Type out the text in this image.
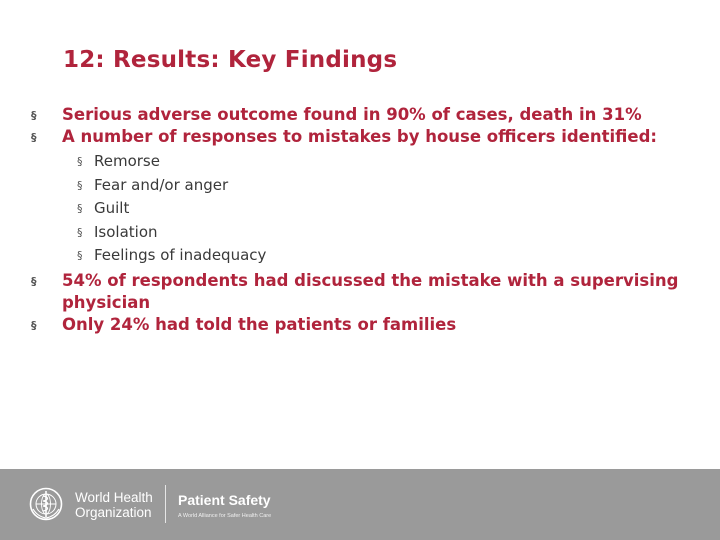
12: Results: Key Findings
§ Serious adverse outcome found in 90% of cases, death in 31%
§ A number of responses to mistakes by house officers identified:
§ Remorse
§ Fear and/or anger
§ Guilt
§ Isolation
§ Feelings of inadequacy
§ 54% of respondents had discussed the mistake with a supervising physician
§ Only 24% had told the patients or families
World Health
Organization
Patient Safety
A World Alliance for Safer Health Care
